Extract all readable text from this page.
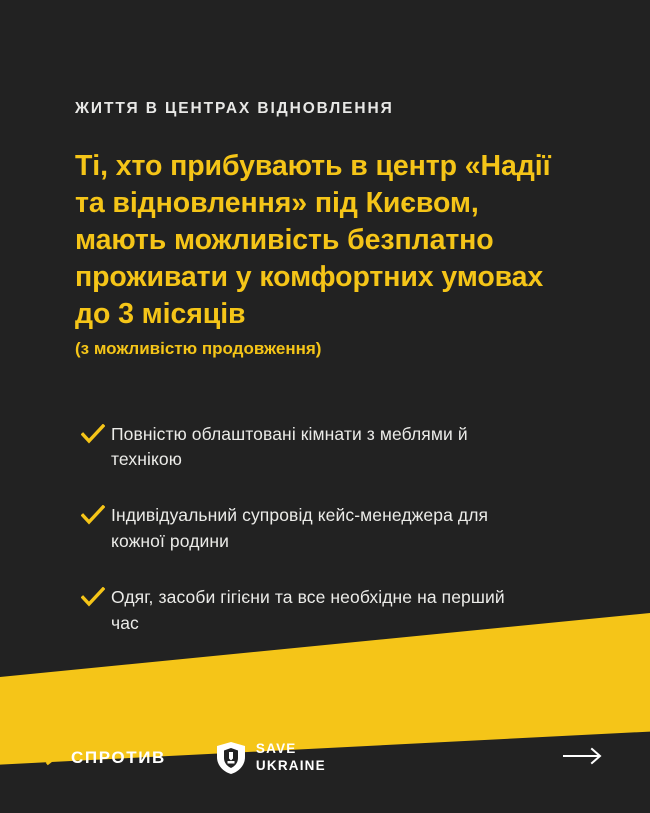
ЖИТТЯ В ЦЕНТРАХ ВІДНОВЛЕННЯ
Ті, хто прибувають в центр «Надії та відновлення» під Києвом, мають можливість безплатно проживати у комфортних умовах до 3 місяців
(з можливістю продовження)
Повністю облаштовані кімнати з меблями й технікою
Індивідуальний супровід кейс-менеджера для кожної родини
Одяг, засоби гігієни та все необхідне на перший час
СПРОТИВ	SAVE
UKRAINE
